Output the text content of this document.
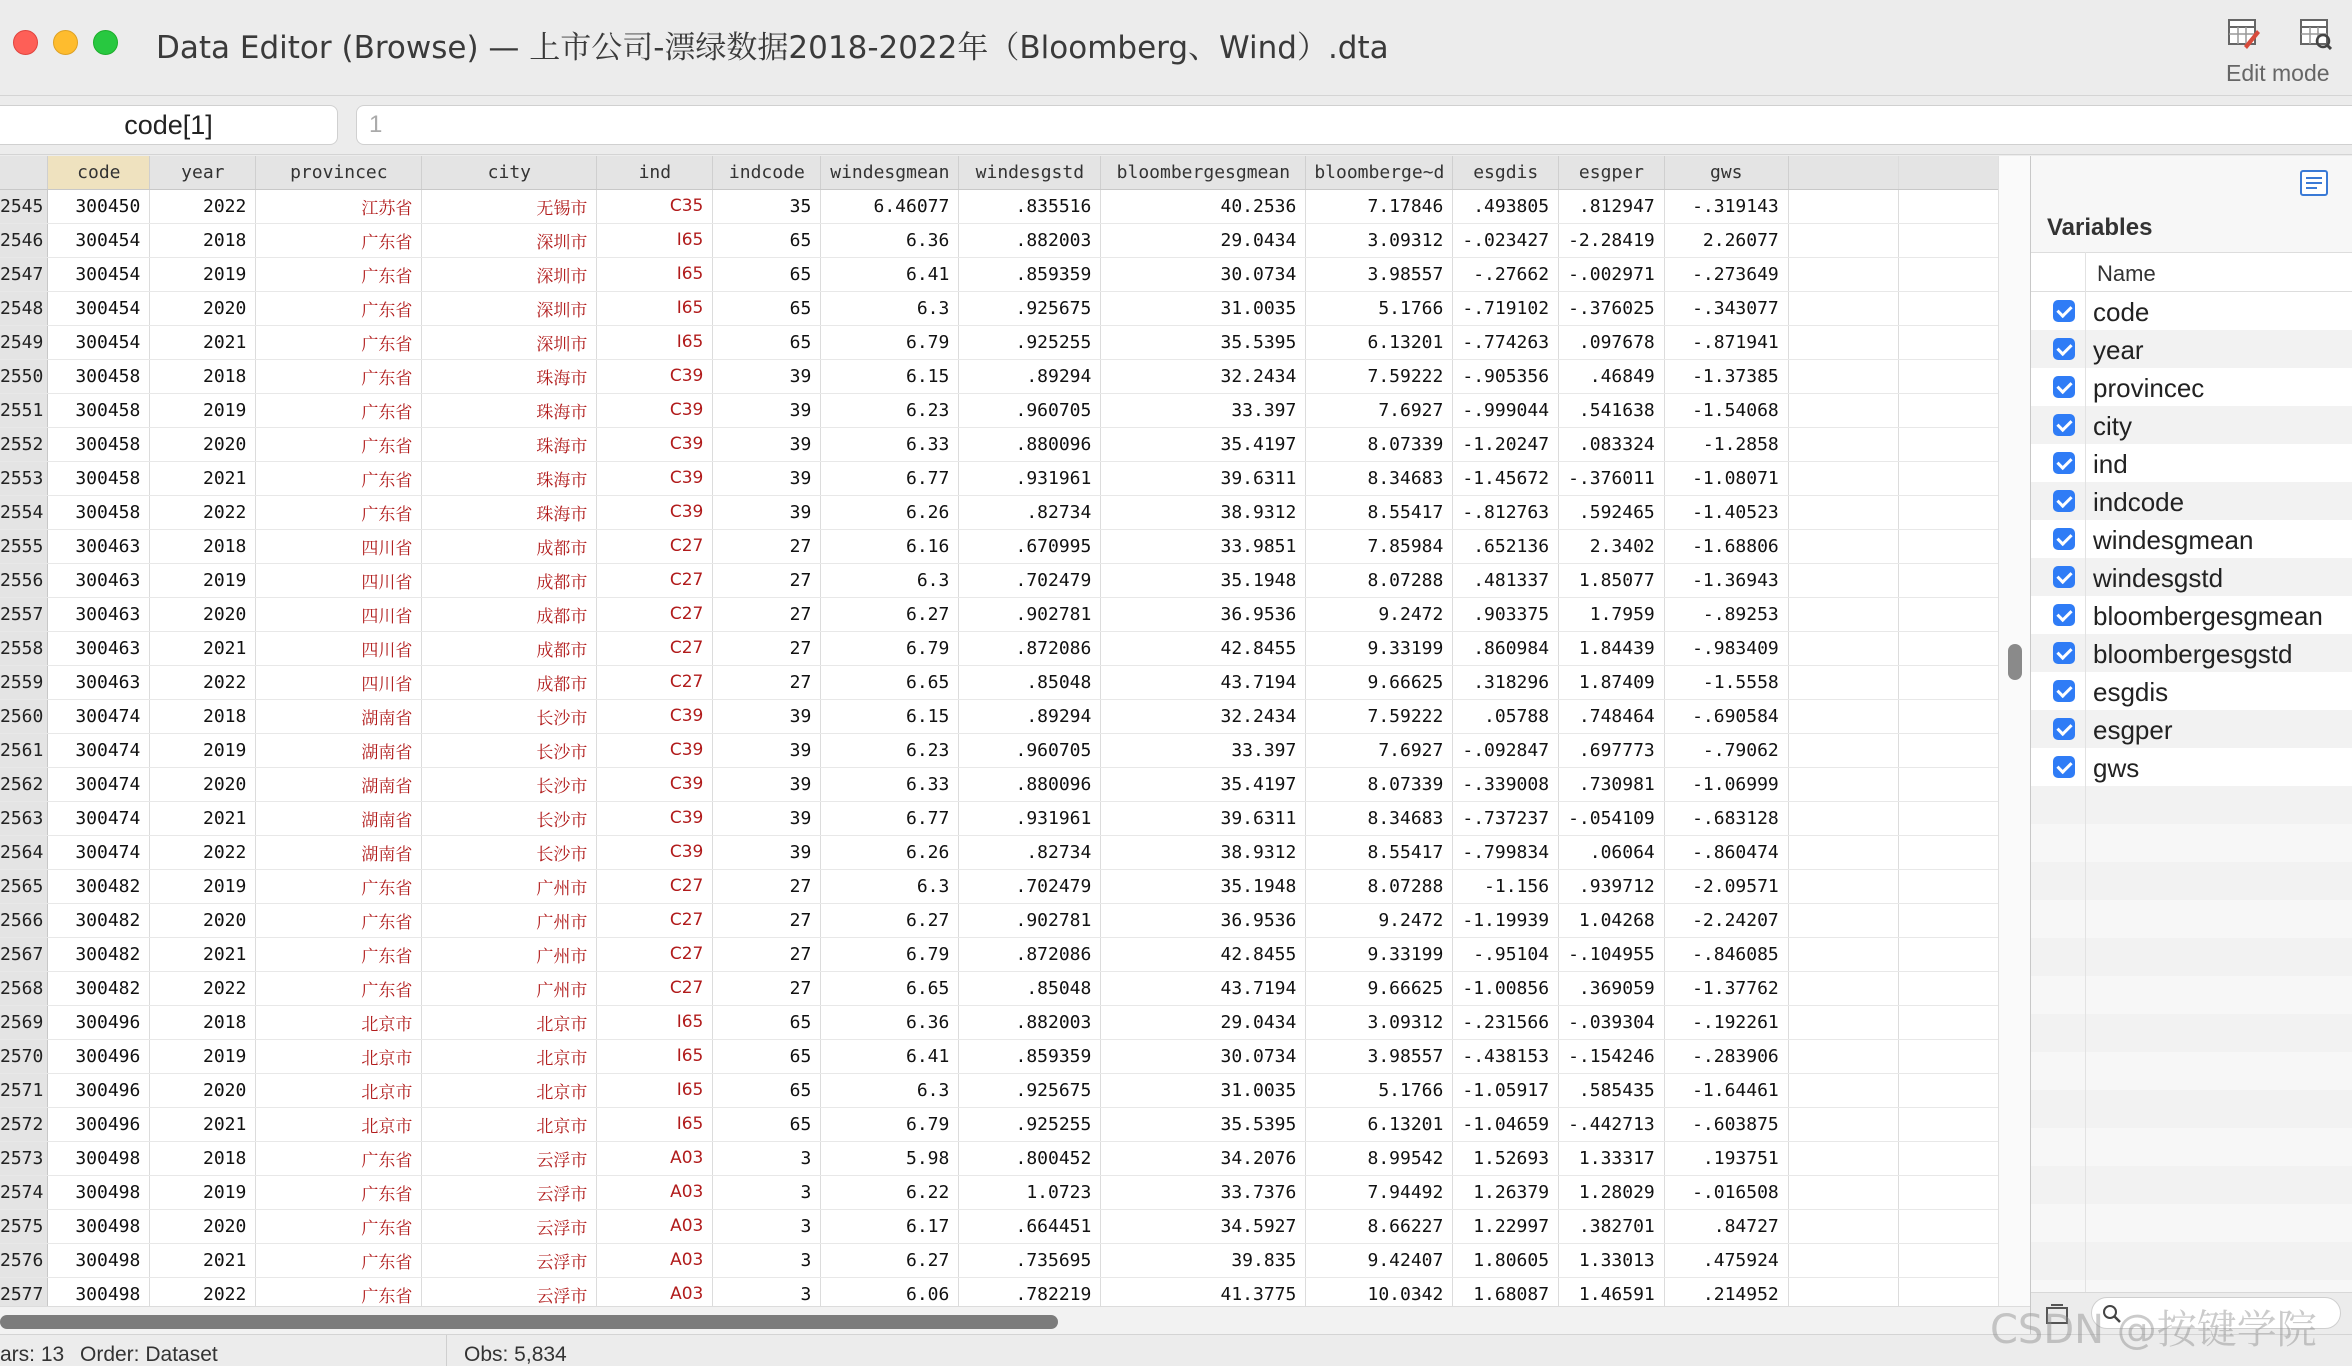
Data Editor (Browse) — 上市公司-漂绿数据2018-2022年（Bloomberg、Wind）.dta
Edit mode
code[1]	1
	code	year	provincec	city	ind	indcode	windesgmean	windesgstd	bloombergesgmean	bloomberge~d	esgdis	esgper	gws		
2545	300450	2022	江苏省	无锡市	C35	35	6.46077	.835516	40.2536	7.17846	.493805	.812947	-.319143		
2546	300454	2018	广东省	深圳市	I65	65	6.36	.882003	29.0434	3.09312	-.023427	-2.28419	2.26077		
2547	300454	2019	广东省	深圳市	I65	65	6.41	.859359	30.0734	3.98557	-.27662	-.002971	-.273649		
2548	300454	2020	广东省	深圳市	I65	65	6.3	.925675	31.0035	5.1766	-.719102	-.376025	-.343077		
2549	300454	2021	广东省	深圳市	I65	65	6.79	.925255	35.5395	6.13201	-.774263	.097678	-.871941		
2550	300458	2018	广东省	珠海市	C39	39	6.15	.89294	32.2434	7.59222	-.905356	.46849	-1.37385		
2551	300458	2019	广东省	珠海市	C39	39	6.23	.960705	33.397	7.6927	-.999044	.541638	-1.54068		
2552	300458	2020	广东省	珠海市	C39	39	6.33	.880096	35.4197	8.07339	-1.20247	.083324	-1.2858		
2553	300458	2021	广东省	珠海市	C39	39	6.77	.931961	39.6311	8.34683	-1.45672	-.376011	-1.08071		
2554	300458	2022	广东省	珠海市	C39	39	6.26	.82734	38.9312	8.55417	-.812763	.592465	-1.40523		
2555	300463	2018	四川省	成都市	C27	27	6.16	.670995	33.9851	7.85984	.652136	2.3402	-1.68806		
2556	300463	2019	四川省	成都市	C27	27	6.3	.702479	35.1948	8.07288	.481337	1.85077	-1.36943		
2557	300463	2020	四川省	成都市	C27	27	6.27	.902781	36.9536	9.2472	.903375	1.7959	-.89253		
2558	300463	2021	四川省	成都市	C27	27	6.79	.872086	42.8455	9.33199	.860984	1.84439	-.983409		
2559	300463	2022	四川省	成都市	C27	27	6.65	.85048	43.7194	9.66625	.318296	1.87409	-1.5558		
2560	300474	2018	湖南省	长沙市	C39	39	6.15	.89294	32.2434	7.59222	.05788	.748464	-.690584		
2561	300474	2019	湖南省	长沙市	C39	39	6.23	.960705	33.397	7.6927	-.092847	.697773	-.79062		
2562	300474	2020	湖南省	长沙市	C39	39	6.33	.880096	35.4197	8.07339	-.339008	.730981	-1.06999		
2563	300474	2021	湖南省	长沙市	C39	39	6.77	.931961	39.6311	8.34683	-.737237	-.054109	-.683128		
2564	300474	2022	湖南省	长沙市	C39	39	6.26	.82734	38.9312	8.55417	-.799834	.06064	-.860474		
2565	300482	2019	广东省	广州市	C27	27	6.3	.702479	35.1948	8.07288	-1.156	.939712	-2.09571		
2566	300482	2020	广东省	广州市	C27	27	6.27	.902781	36.9536	9.2472	-1.19939	1.04268	-2.24207		
2567	300482	2021	广东省	广州市	C27	27	6.79	.872086	42.8455	9.33199	-.95104	-.104955	-.846085		
2568	300482	2022	广东省	广州市	C27	27	6.65	.85048	43.7194	9.66625	-1.00856	.369059	-1.37762		
2569	300496	2018	北京市	北京市	I65	65	6.36	.882003	29.0434	3.09312	-.231566	-.039304	-.192261		
2570	300496	2019	北京市	北京市	I65	65	6.41	.859359	30.0734	3.98557	-.438153	-.154246	-.283906		
2571	300496	2020	北京市	北京市	I65	65	6.3	.925675	31.0035	5.1766	-1.05917	.585435	-1.64461		
2572	300496	2021	北京市	北京市	I65	65	6.79	.925255	35.5395	6.13201	-1.04659	-.442713	-.603875		
2573	300498	2018	广东省	云浮市	A03	3	5.98	.800452	34.2076	8.99542	1.52693	1.33317	.193751		
2574	300498	2019	广东省	云浮市	A03	3	6.22	1.0723	33.7376	7.94492	1.26379	1.28029	-.016508		
2575	300498	2020	广东省	云浮市	A03	3	6.17	.664451	34.5927	8.66227	1.22997	.382701	.84727		
2576	300498	2021	广东省	云浮市	A03	3	6.27	.735695	39.835	9.42407	1.80605	1.33013	.475924		
2577	300498	2022	广东省	云浮市	A03	3	6.06	.782219	41.3775	10.0342	1.68087	1.46591	.214952		
Variables
Name
code
year
provincec
city
ind
indcode
windesgmean
windesgstd
bloombergesgmean
bloombergesgstd
esgdis
esgper
gws
ars: 13 Order: Dataset	Obs: 5,834
CSDN @按键学院
